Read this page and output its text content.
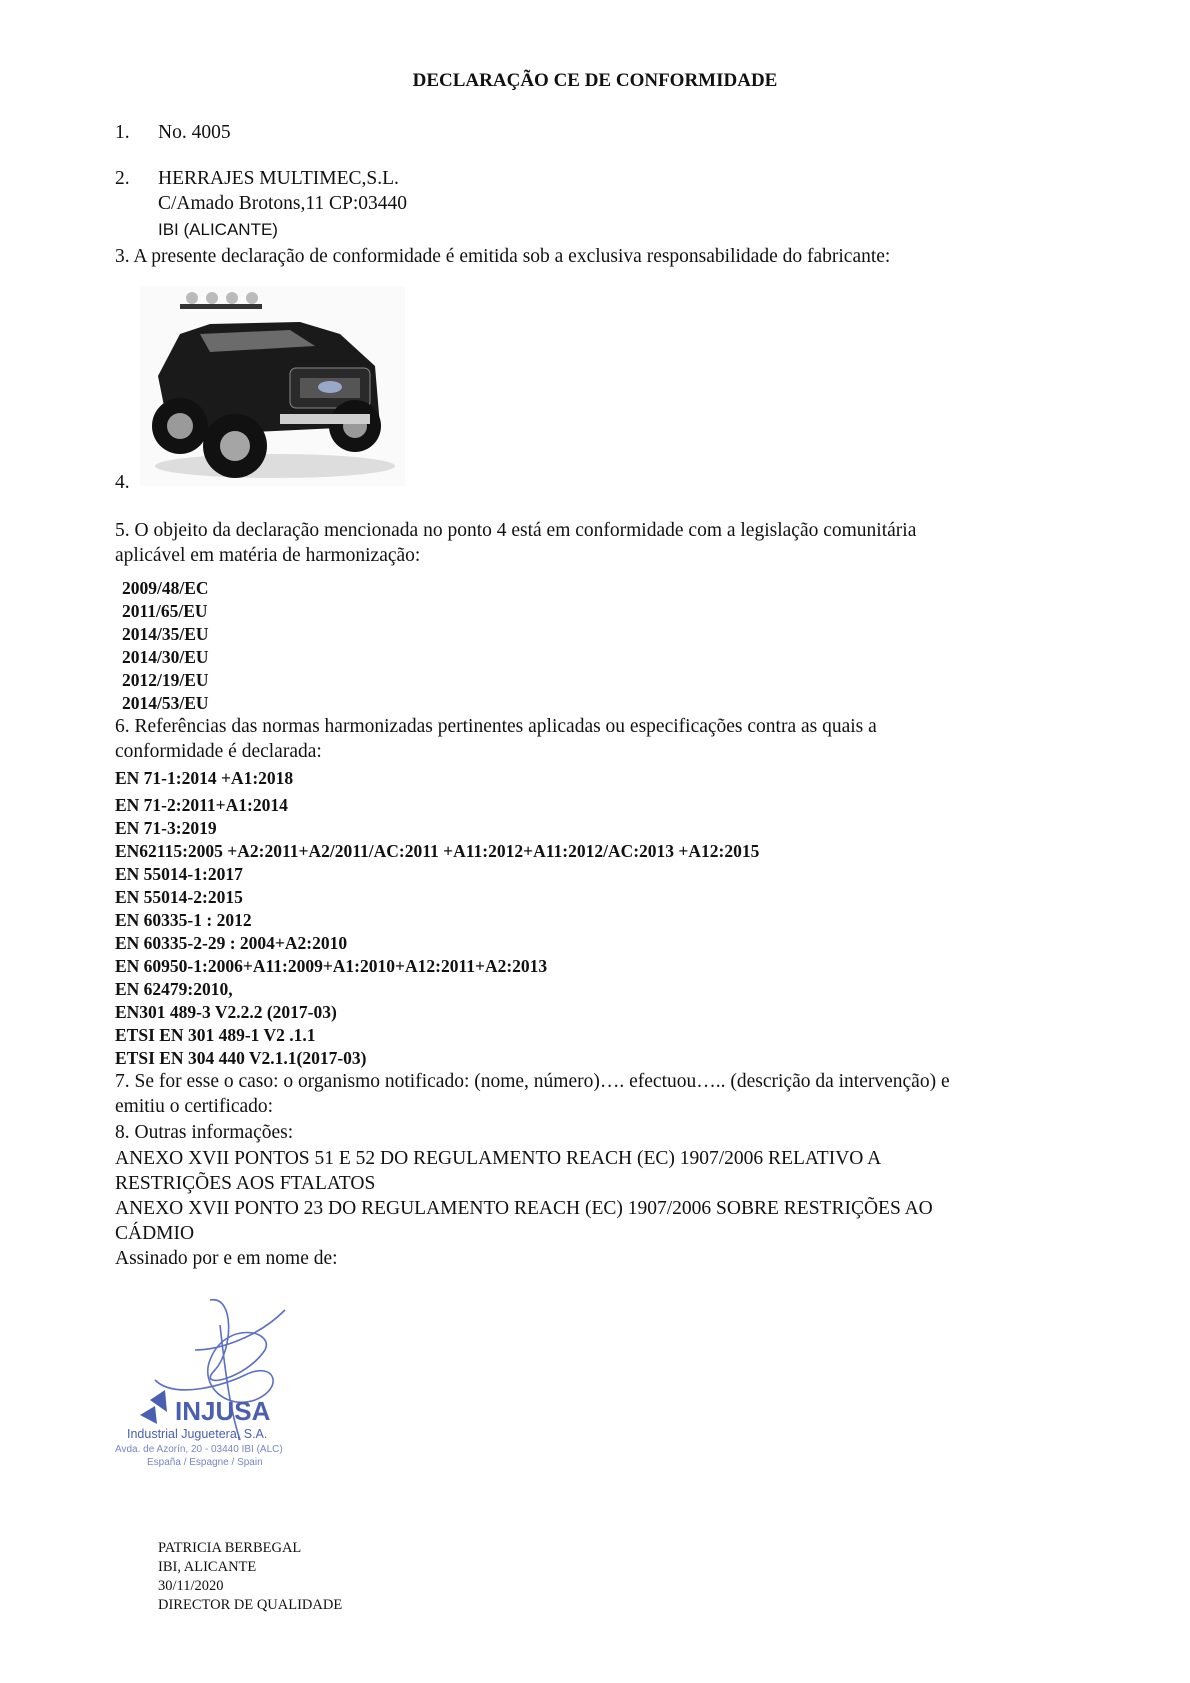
DECLARAÇÃO CE DE CONFORMIDADE
1. No. 4005
2. HERRAJES MULTIMEC,S.L.
C/Amado Brotons,11 CP:03440
IBI (ALICANTE)
3. A presente declaração de conformidade é emitida sob a exclusiva responsabilidade do fabricante:
4.
5. O objeito da declaração mencionada no ponto 4 está em conformidade com a legislação comunitária
aplicável em matéria de harmonização:
2009/48/EC
2011/65/EU
2014/35/EU
2014/30/EU
2012/19/EU
2014/53/EU
6. Referências das normas harmonizadas pertinentes aplicadas ou especificações contra as quais a
conformidade é declarada:
EN 71-1:2014 +A1:2018
EN 71-2:2011+A1:2014
EN 71-3:2019
EN62115:2005 +A2:2011+A2/2011/AC:2011 +A11:2012+A11:2012/AC:2013 +A12:2015
EN 55014-1:2017
EN 55014-2:2015
EN 60335-1 : 2012
EN 60335-2-29 : 2004+A2:2010
EN 60950-1:2006+A11:2009+A1:2010+A12:2011+A2:2013
EN 62479:2010,
EN301 489-3 V2.2.2 (2017-03)
ETSI EN 301 489-1 V2 .1.1
ETSI EN 304 440 V2.1.1(2017-03)
7. Se for esse o caso: o organismo notificado: (nome, número)…. efectuou….. (descrição da intervenção) e
emitiu o certificado:
8. Outras informações:
ANEXO XVII PONTOS 51 E 52 DO REGULAMENTO REACH (EC) 1907/2006 RELATIVO A
RESTRIÇÕES AOS FTALATOS
ANEXO XVII PONTO 23 DO REGULAMENTO REACH (EC) 1907/2006 SOBRE RESTRIÇÕES AO
CÁDMIO
Assinado por e em nome de:
INJUSA
Industrial Juguetera, S.A.
Avda. de Azorín, 20 - 03440 IBI (ALC)
España / Espagne / Spain
PATRICIA BERBEGAL
IBI, ALICANTE
30/11/2020
DIRECTOR DE QUALIDADE
